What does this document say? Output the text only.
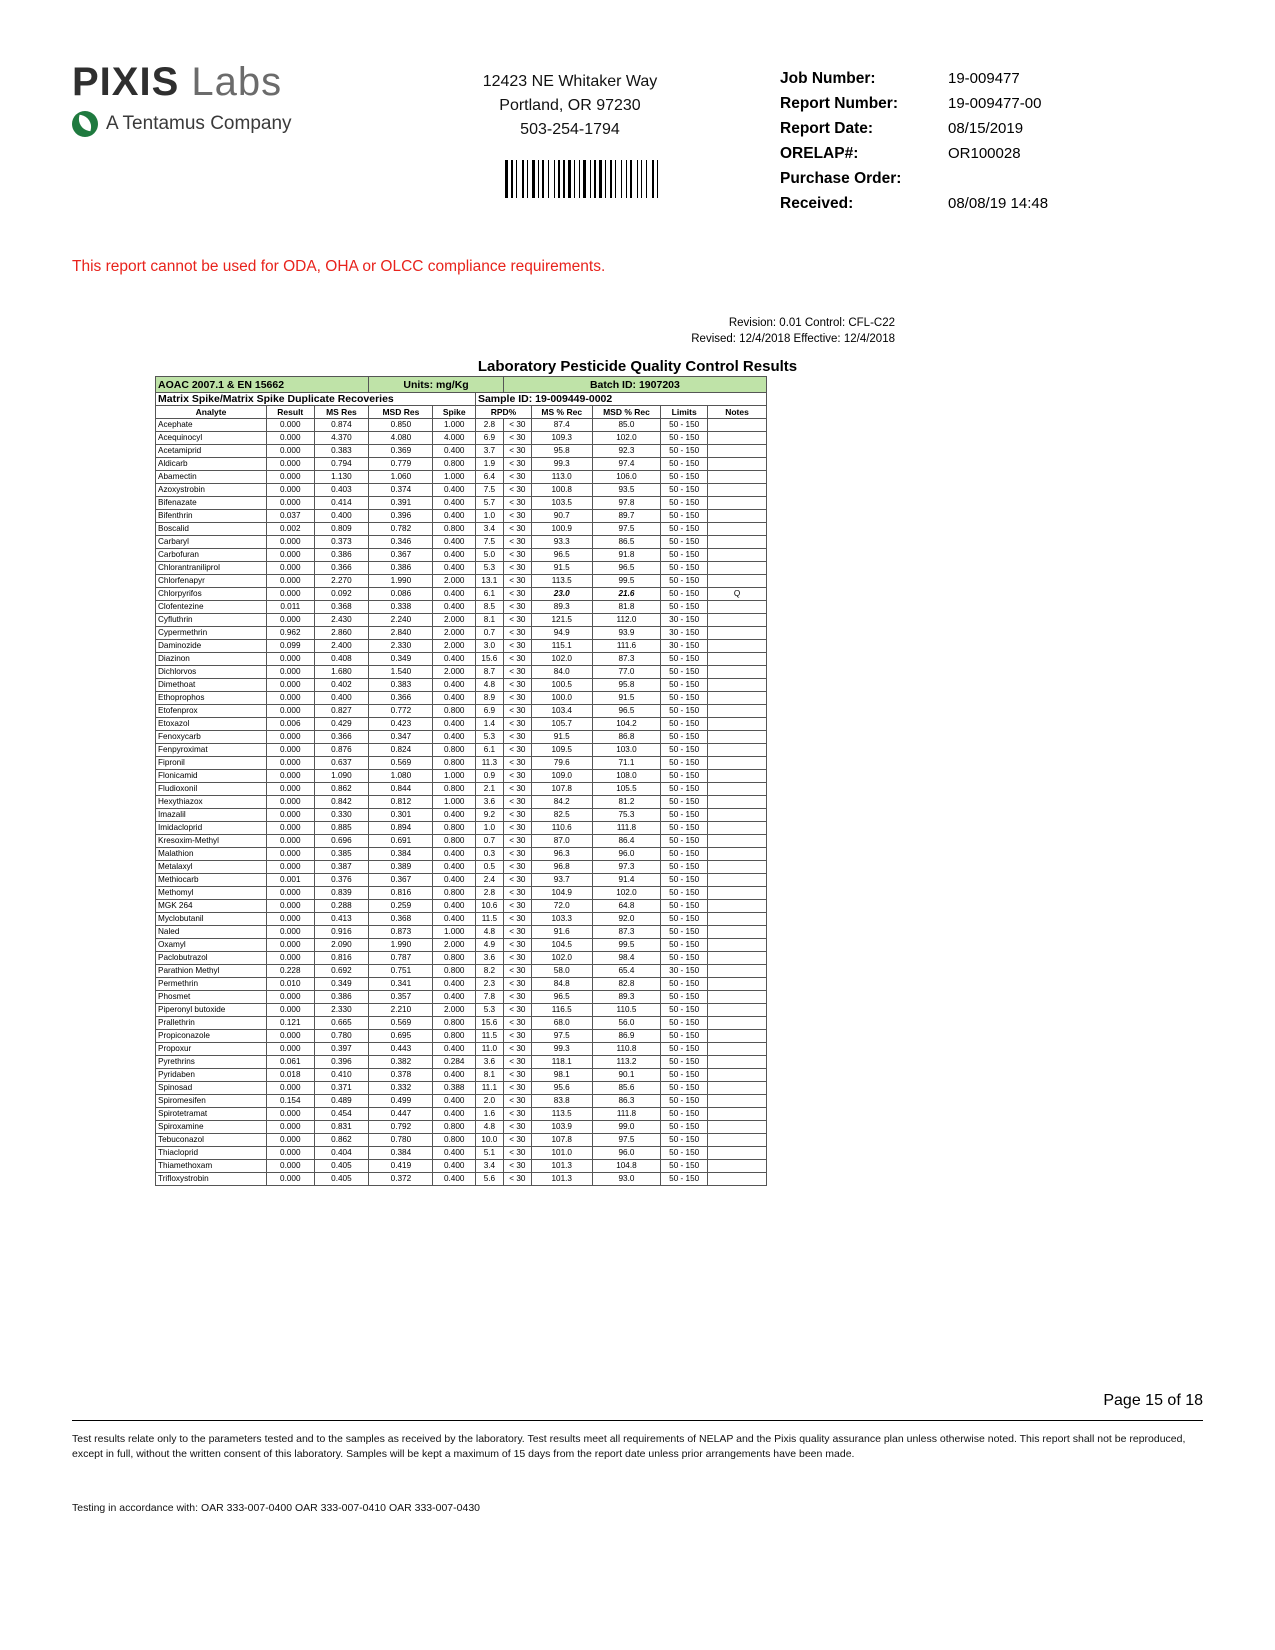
PIXIS Labs
A Tentamus Company
12423 NE Whitaker Way
Portland, OR 97230
503-254-1794
Job Number:	19-009477
Report Number:	19-009477-00
Report Date:	08/15/2019
ORELAP#:	OR100028
Purchase Order:
Received:	08/08/19 14:48
This report cannot be used for ODA, OHA or OLCC compliance requirements.
Revision: 0.01 Control: CFL-C22
Revised: 12/4/2018 Effective: 12/4/2018
Laboratory Pesticide Quality Control Results
AOAC 2007.1 & EN 15662			Units: mg/Kg			Batch ID: 1907203				
Matrix Spike/Matrix Spike Duplicate Recoveries					Sample ID: 19-009449-0002					
Analyte	Result	MS Res	MSD Res	Spike	RPD%		MS % Rec	MSD % Rec	Limits	Notes
Acephate	0.000	0.874	0.850	1.000	2.8	< 30	87.4	85.0	50 - 150	
Acequinocyl	0.000	4.370	4.080	4.000	6.9	< 30	109.3	102.0	50 - 150	
Acetamiprid	0.000	0.383	0.369	0.400	3.7	< 30	95.8	92.3	50 - 150	
Aldicarb	0.000	0.794	0.779	0.800	1.9	< 30	99.3	97.4	50 - 150	
Abamectin	0.000	1.130	1.060	1.000	6.4	< 30	113.0	106.0	50 - 150	
Azoxystrobin	0.000	0.403	0.374	0.400	7.5	< 30	100.8	93.5	50 - 150	
Bifenazate	0.000	0.414	0.391	0.400	5.7	< 30	103.5	97.8	50 - 150	
Bifenthrin	0.037	0.400	0.396	0.400	1.0	< 30	90.7	89.7	50 - 150	
Boscalid	0.002	0.809	0.782	0.800	3.4	< 30	100.9	97.5	50 - 150	
Carbaryl	0.000	0.373	0.346	0.400	7.5	< 30	93.3	86.5	50 - 150	
Carbofuran	0.000	0.386	0.367	0.400	5.0	< 30	96.5	91.8	50 - 150	
Chlorantraniliprol	0.000	0.366	0.386	0.400	5.3	< 30	91.5	96.5	50 - 150	
Chlorfenapyr	0.000	2.270	1.990	2.000	13.1	< 30	113.5	99.5	50 - 150	
Chlorpyrifos	0.000	0.092	0.086	0.400	6.1	< 30	23.0	21.6	50 - 150	Q
Clofentezine	0.011	0.368	0.338	0.400	8.5	< 30	89.3	81.8	50 - 150	
Cyfluthrin	0.000	2.430	2.240	2.000	8.1	< 30	121.5	112.0	30 - 150	
Cypermethrin	0.962	2.860	2.840	2.000	0.7	< 30	94.9	93.9	30 - 150	
Daminozide	0.099	2.400	2.330	2.000	3.0	< 30	115.1	111.6	30 - 150	
Diazinon	0.000	0.408	0.349	0.400	15.6	< 30	102.0	87.3	50 - 150	
Dichlorvos	0.000	1.680	1.540	2.000	8.7	< 30	84.0	77.0	50 - 150	
Dimethoat	0.000	0.402	0.383	0.400	4.8	< 30	100.5	95.8	50 - 150	
Ethoprophos	0.000	0.400	0.366	0.400	8.9	< 30	100.0	91.5	50 - 150	
Etofenprox	0.000	0.827	0.772	0.800	6.9	< 30	103.4	96.5	50 - 150	
Etoxazol	0.006	0.429	0.423	0.400	1.4	< 30	105.7	104.2	50 - 150	
Fenoxycarb	0.000	0.366	0.347	0.400	5.3	< 30	91.5	86.8	50 - 150	
Fenpyroximat	0.000	0.876	0.824	0.800	6.1	< 30	109.5	103.0	50 - 150	
Fipronil	0.000	0.637	0.569	0.800	11.3	< 30	79.6	71.1	50 - 150	
Flonicamid	0.000	1.090	1.080	1.000	0.9	< 30	109.0	108.0	50 - 150	
Fludioxonil	0.000	0.862	0.844	0.800	2.1	< 30	107.8	105.5	50 - 150	
Hexythiazox	0.000	0.842	0.812	1.000	3.6	< 30	84.2	81.2	50 - 150	
Imazalil	0.000	0.330	0.301	0.400	9.2	< 30	82.5	75.3	50 - 150	
Imidacloprid	0.000	0.885	0.894	0.800	1.0	< 30	110.6	111.8	50 - 150	
Kresoxim-Methyl	0.000	0.696	0.691	0.800	0.7	< 30	87.0	86.4	50 - 150	
Malathion	0.000	0.385	0.384	0.400	0.3	< 30	96.3	96.0	50 - 150	
Metalaxyl	0.000	0.387	0.389	0.400	0.5	< 30	96.8	97.3	50 - 150	
Methiocarb	0.001	0.376	0.367	0.400	2.4	< 30	93.7	91.4	50 - 150	
Methomyl	0.000	0.839	0.816	0.800	2.8	< 30	104.9	102.0	50 - 150	
MGK 264	0.000	0.288	0.259	0.400	10.6	< 30	72.0	64.8	50 - 150	
Myclobutanil	0.000	0.413	0.368	0.400	11.5	< 30	103.3	92.0	50 - 150	
Naled	0.000	0.916	0.873	1.000	4.8	< 30	91.6	87.3	50 - 150	
Oxamyl	0.000	2.090	1.990	2.000	4.9	< 30	104.5	99.5	50 - 150	
Paclobutrazol	0.000	0.816	0.787	0.800	3.6	< 30	102.0	98.4	50 - 150	
Parathion Methyl	0.228	0.692	0.751	0.800	8.2	< 30	58.0	65.4	30 - 150	
Permethrin	0.010	0.349	0.341	0.400	2.3	< 30	84.8	82.8	50 - 150	
Phosmet	0.000	0.386	0.357	0.400	7.8	< 30	96.5	89.3	50 - 150	
Piperonyl butoxide	0.000	2.330	2.210	2.000	5.3	< 30	116.5	110.5	50 - 150	
Prallethrin	0.121	0.665	0.569	0.800	15.6	< 30	68.0	56.0	50 - 150	
Propiconazole	0.000	0.780	0.695	0.800	11.5	< 30	97.5	86.9	50 - 150	
Propoxur	0.000	0.397	0.443	0.400	11.0	< 30	99.3	110.8	50 - 150	
Pyrethrins	0.061	0.396	0.382	0.284	3.6	< 30	118.1	113.2	50 - 150	
Pyridaben	0.018	0.410	0.378	0.400	8.1	< 30	98.1	90.1	50 - 150	
Spinosad	0.000	0.371	0.332	0.388	11.1	< 30	95.6	85.6	50 - 150	
Spiromesifen	0.154	0.489	0.499	0.400	2.0	< 30	83.8	86.3	50 - 150	
Spirotetramat	0.000	0.454	0.447	0.400	1.6	< 30	113.5	111.8	50 - 150	
Spiroxamine	0.000	0.831	0.792	0.800	4.8	< 30	103.9	99.0	50 - 150	
Tebuconazol	0.000	0.862	0.780	0.800	10.0	< 30	107.8	97.5	50 - 150	
Thiacloprid	0.000	0.404	0.384	0.400	5.1	< 30	101.0	96.0	50 - 150	
Thiamethoxam	0.000	0.405	0.419	0.400	3.4	< 30	101.3	104.8	50 - 150	
Trifloxystrobin	0.000	0.405	0.372	0.400	5.6	< 30	101.3	93.0	50 - 150	
Page 15 of 18
Test results relate only to the parameters tested and to the samples as received by the laboratory. Test results meet all requirements of NELAP and the Pixis quality assurance plan unless otherwise noted. This report shall not be reproduced, except in full, without the written consent of this laboratory. Samples will be kept a maximum of 15 days from the report date unless prior arrangements have been made.
Testing in accordance with: OAR 333-007-0400 OAR 333-007-0410 OAR 333-007-0430
